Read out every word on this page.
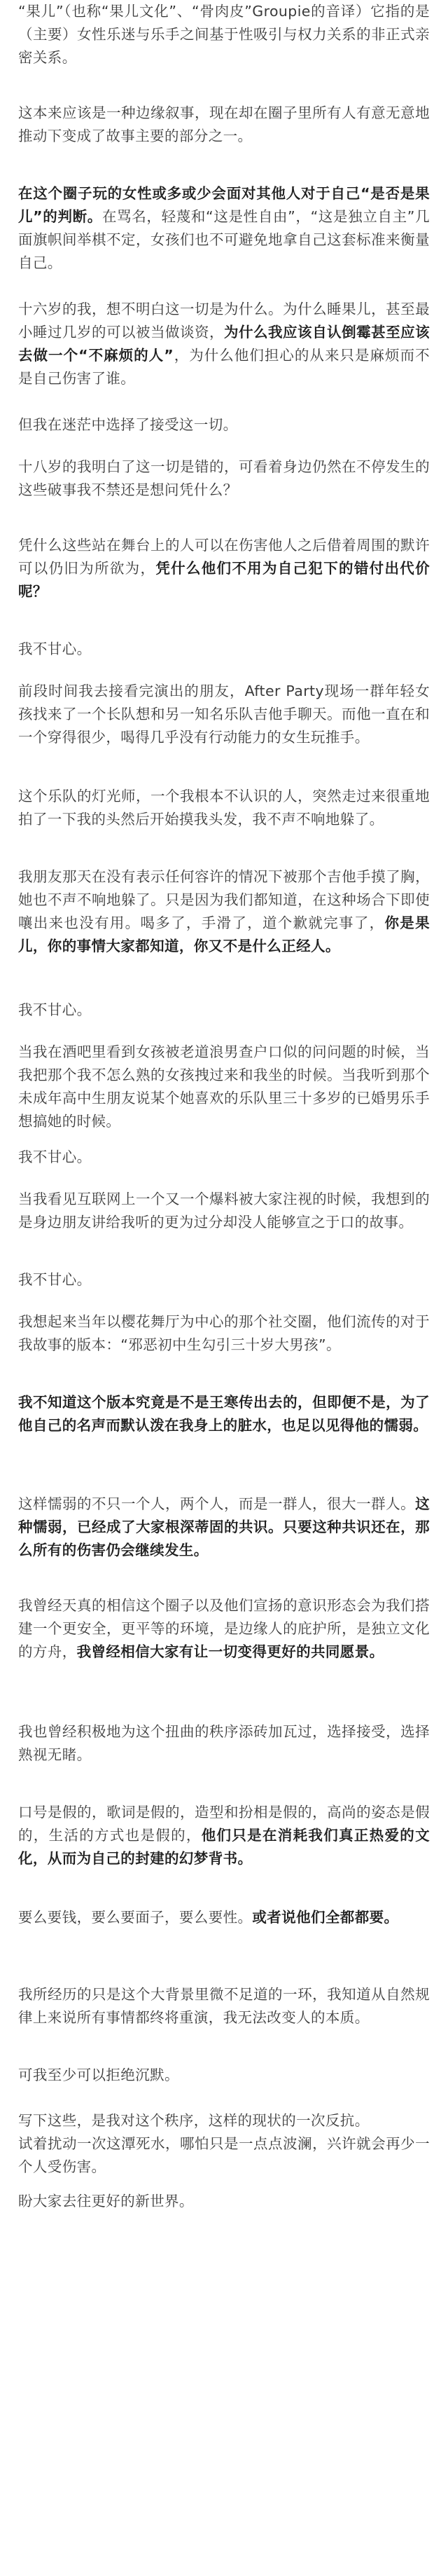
“果儿”（也称“果儿文化”、“骨肉皮”Groupie的音译）它指的是（主要）女性乐迷与乐手之间基于性吸引与权力关系的非正式亲密关系。

这本来应该是一种边缘叙事，现在却在圈子里所有人有意无意地推动下变成了故事主要的部分之一。

在这个圈子玩的女性或多或少会面对其他人对于自己“是否是果儿”的判断。在骂名，轻蔑和“这是性自由”，“这是独立自主”几面旗帜间举棋不定，女孩们也不可避免地拿自己这套标准来衡量自己。

十六岁的我，想不明白这一切是为什么。为什么睡果儿，甚至最小睡过几岁的可以被当做谈资，为什么我应该自认倒霉甚至应该去做一个“不麻烦的人”，为什么他们担心的从来只是麻烦而不是自己伤害了谁。

但我在迷茫中选择了接受这一切。

十八岁的我明白了这一切是错的，可看着身边仍然在不停发生的这些破事我不禁还是想问凭什么？

凭什么这些站在舞台上的人可以在伤害他人之后借着周围的默许可以仍旧为所欲为，凭什么他们不用为自己犯下的错付出代价呢？

我不甘心。

前段时间我去接看完演出的朋友，After Party现场一群年轻女孩找来了一个长队想和另一知名乐队吉他手聊天。而他一直在和一个穿得很少，喝得几乎没有行动能力的女生玩推手。

这个乐队的灯光师，一个我根本不认识的人，突然走过来很重地拍了一下我的头然后开始摸我头发，我不声不响地躲了。

我朋友那天在没有表示任何容许的情况下被那个吉他手摸了胸，她也不声不响地躲了。只是因为我们都知道，在这种场合下即使嚷出来也没有用。喝多了，手滑了，道个歉就完事了，你是果儿，你的事情大家都知道，你又不是什么正经人。

我不甘心。

当我在酒吧里看到女孩被老道浪男查户口似的问问题的时候，当我把那个我不怎么熟的女孩拽过来和我坐的时候。当我听到那个未成年高中生朋友说某个她喜欢的乐队里三十多岁的已婚男乐手想搞她的时候。

我不甘心。

当我看见互联网上一个又一个爆料被大家注视的时候，我想到的是身边朋友讲给我听的更为过分却没人能够宣之于口的故事。

我不甘心。

我想起来当年以樱花舞厅为中心的那个社交圈，他们流传的对于我故事的版本：“邪恶初中生勾引三十岁大男孩”。

我不知道这个版本究竟是不是王寒传出去的，但即便不是，为了他自己的名声而默认泼在我身上的脏水，也足以见得他的懦弱。

这样懦弱的不只一个人，两个人，而是一群人，很大一群人。这种懦弱，已经成了大家根深蒂固的共识。只要这种共识还在，那么所有的伤害仍会继续发生。

我曾经天真的相信这个圈子以及他们宣扬的意识形态会为我们搭建一个更安全，更平等的环境，是边缘人的庇护所，是独立文化的方舟，我曾经相信大家有让一切变得更好的共同愿景。

我也曾经积极地为这个扭曲的秩序添砖加瓦过，选择接受，选择熟视无睹。

口号是假的，歌词是假的，造型和扮相是假的，高尚的姿态是假的，生活的方式也是假的，他们只是在消耗我们真正热爱的文化，从而为自己的封建的幻梦背书。

要么要钱，要么要面子，要么要性。或者说他们全都都要。

我所经历的只是这个大背景里微不足道的一环，我知道从自然规律上来说所有事情都终将重演，我无法改变人的本质。

可我至少可以拒绝沉默。

写下这些，是我对这个秩序，这样的现状的一次反抗。
试着扰动一次这潭死水，哪怕只是一点点波澜，兴许就会再少一个人受伤害。

盼大家去往更好的新世界。
